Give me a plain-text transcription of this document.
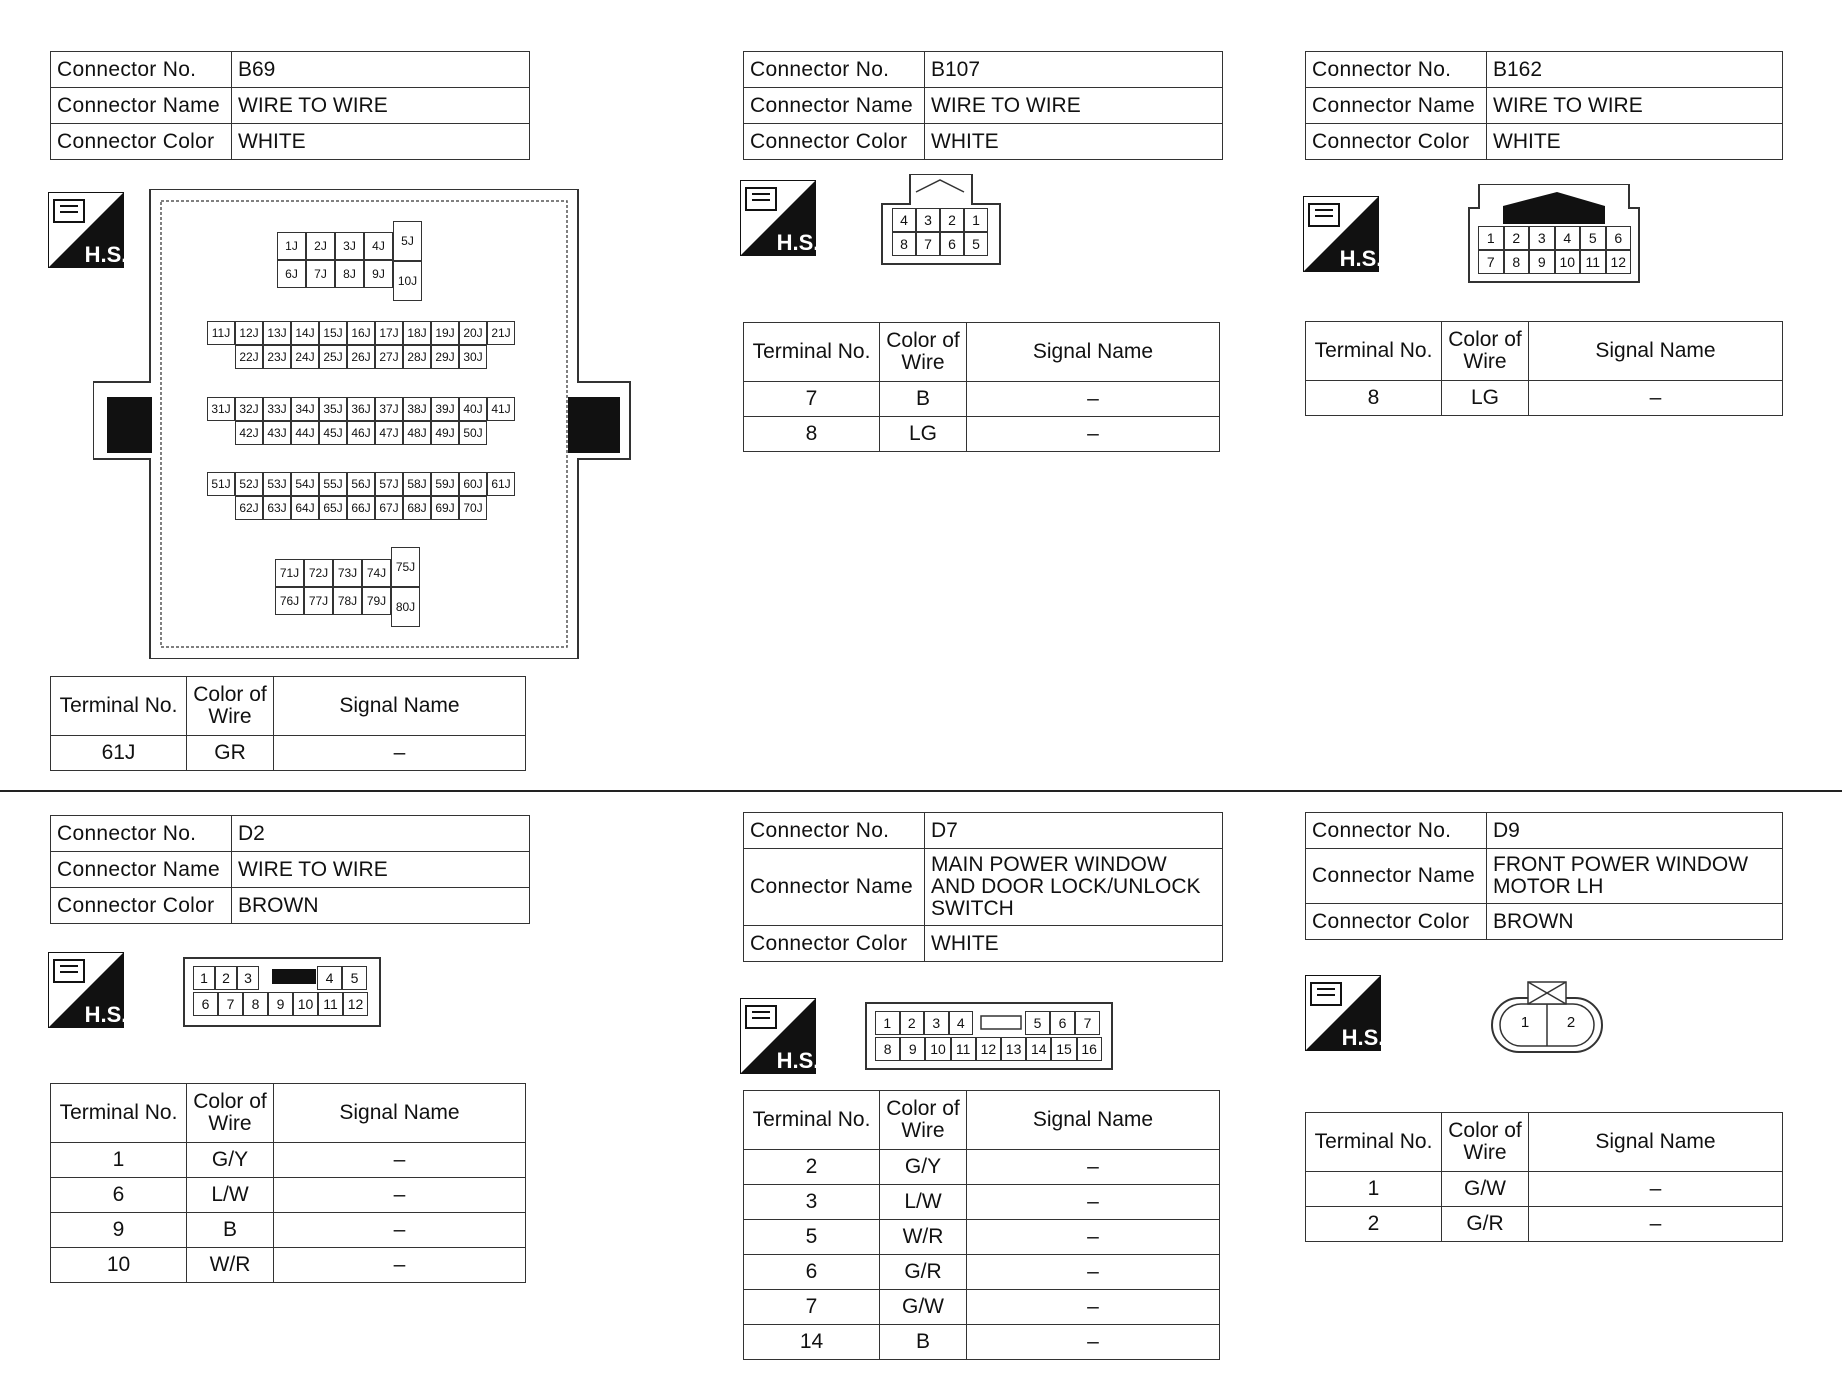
Connector No.	B69
Connector Name	WIRE TO WIRE
Connector Color	WHITE
H.S.	1J	2J	3J	4J
6J	7J	8J	9J
5J
10J
11J 12J 13J 14J 15J 16J 17J 18J 19J 20J 21J
22J 23J 24J 25J 26J 27J 28J 29J 30J
31J 32J 33J 34J 35J 36J 37J 38J 39J 40J 41J
42J 43J 44J 45J 46J 47J 48J 49J 50J
51J 52J 53J 54J 55J 56J 57J 58J 59J 60J 61J
62J 63J 64J 65J 66J 67J 68J 69J 70J
71J 72J 73J 74J
76J 77J 78J 79J
75J
80J
Terminal No.	Color of
Wire	Signal Name
61J	GR	–
Connector No.	B107
Connector Name	WIRE TO WIRE
Connector Color	WHITE
H.S.
4	3	2	1
8	7	6	5
Terminal No.	Color of
Wire	Signal Name
7	B	–
8	LG	–
Connector No.	B162
Connector Name	WIRE TO WIRE
Connector Color	WHITE
H.S.
1	2	3	4	5	6
7	8	9 10 11 12
Terminal No.	Color of
Wire	Signal Name
8	LG	–
Connector No.	D2
Connector Name	WIRE TO WIRE
Connector Color	BROWN
H.S.
1	2	3	4	5
6	7	8	9 10 11 12
Terminal No.	Color of
Wire	Signal Name
1	G/Y	–
6	L/W	–
9	B	–
10	W/R	–
Connector No.	D7
Connector Name	MAIN POWER WINDOW
AND DOOR LOCK/UNLOCK
SWITCH

Connector Color	WHITE
H.S.
1	2	3	4	5	6	7
8	9 10 11 12 13 14 15 16
Terminal No.	Color of
Wire	Signal Name
2	G/Y	–
3	L/W	–
5	W/R	–
6	G/R	–
7	G/W	–
14	B	–
Connector No.	D9
Connector Name	FRONT POWER WINDOW
MOTOR LH

Connector Color	BROWN
H.S.
1	2
Terminal No.	Color of
Wire	Signal Name
1	G/W	–
2	G/R	–
